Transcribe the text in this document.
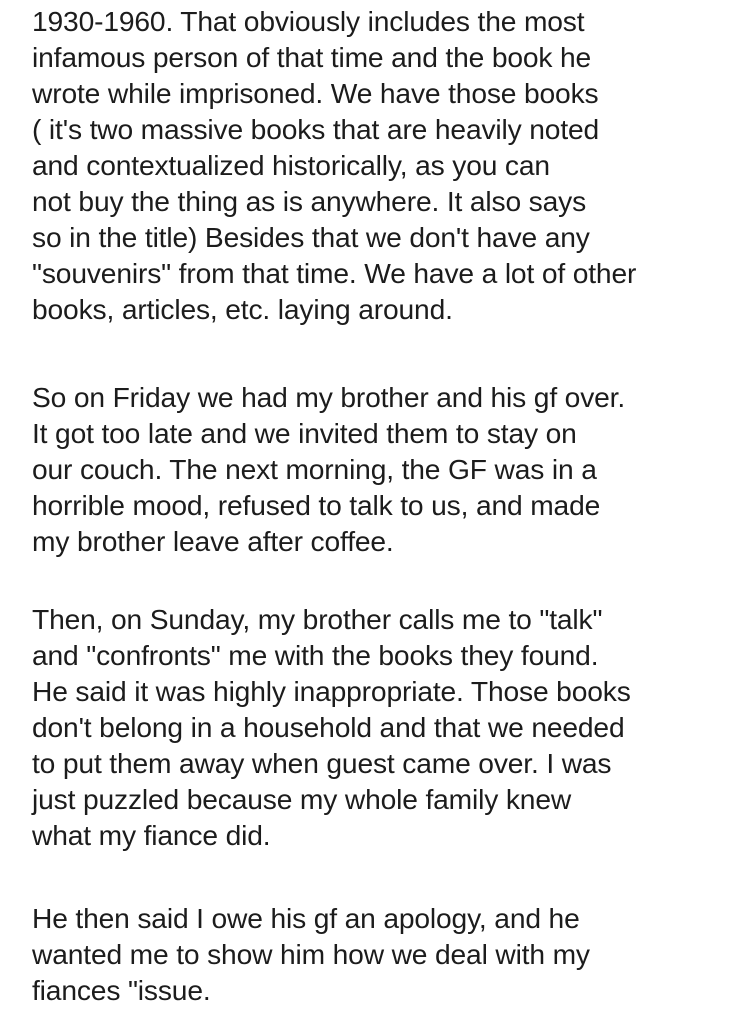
1930-1960. That obviously includes the most
infamous person of that time and the book he
wrote while imprisoned. We have those books
( it's two massive books that are heavily noted
and contextualized historically, as you can
not buy the thing as is anywhere. It also says
so in the title) Besides that we don't have any
"souvenirs" from that time. We have a lot of other
books, articles, etc. laying around.
So on Friday we had my brother and his gf over.
It got too late and we invited them to stay on
our couch. The next morning, the GF was in a
horrible mood, refused to talk to us, and made
my brother leave after coffee.
Then, on Sunday, my brother calls me to "talk"
and "confronts" me with the books they found.
He said it was highly inappropriate. Those books
don't belong in a household and that we needed
to put them away when guest came over. I was
just puzzled because my whole family knew
what my fiance did.
He then said I owe his gf an apology, and he
wanted me to show him how we deal with my
fiances "issue.
